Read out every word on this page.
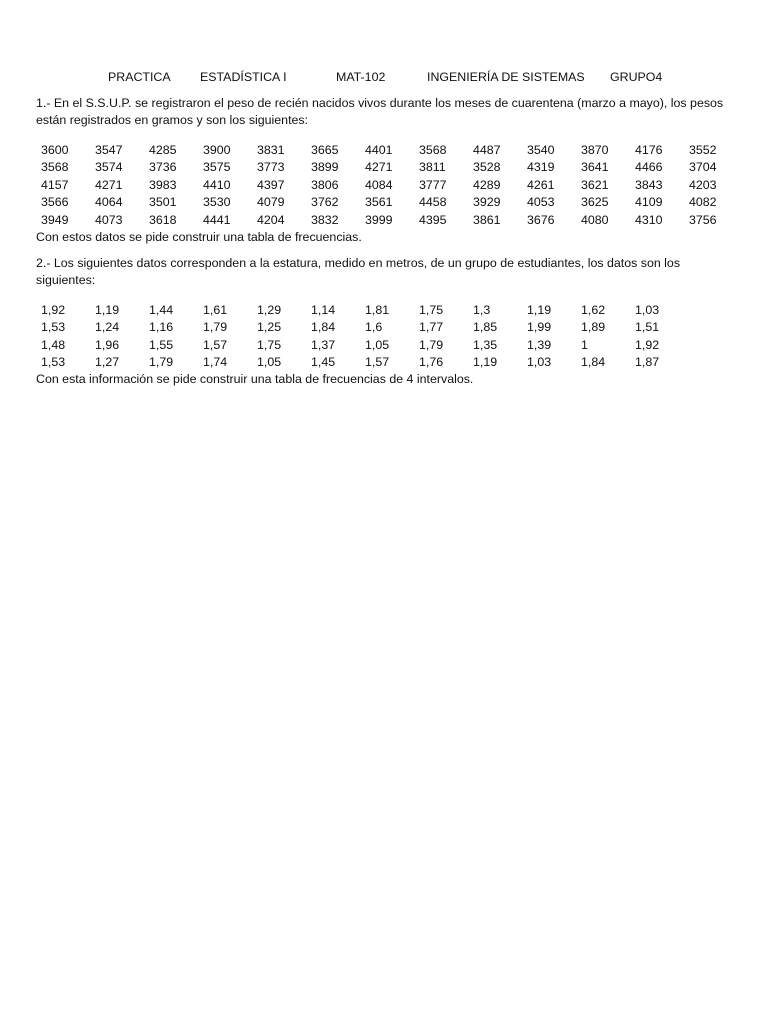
PRACTICA ESTADÍSTICA I	MAT-102	INGENIERÍA DE SISTEMAS GRUPO4

1.- En el S.S.U.P. se registraron el peso de recién nacidos vivos durante los meses de cuarentena (marzo a mayo), los pesos están registrados en gramos y son los siguientes:

3600	3547	4285	3900	3831	3665	4401	3568	4487	3540	3870	4176	3552
3568	3574	3736	3575	3773	3899	4271	3811	3528	4319	3641	4466	3704
4157	4271	3983	4410	4397	3806	4084	3777	4289	4261	3621	3843	4203
3566	4064	3501	3530	4079	3762	3561	4458	3929	4053	3625	4109	4082
3949	4073	3618	4441	4204	3832	3999	4395	3861	3676	4080	4310	3756

Con estos datos se pide construir una tabla de frecuencias.

2.- Los siguientes datos corresponden a la estatura, medido en metros, de un grupo de estudiantes, los datos son los siguientes:

1,92	1,19	1,44	1,61	1,29	1,14	1,81	1,75	1,3	1,19	1,62	1,03
1,53	1,24	1,16	1,79	1,25	1,84	1,6	1,77	1,85	1,99	1,89	1,51
1,48	1,96	1,55	1,57	1,75	1,37	1,05	1,79	1,35	1,39	1	1,92
1,53	1,27	1,79	1,74	1,05	1,45	1,57	1,76	1,19	1,03	1,84	1,87

Con esta información se pide construir una tabla de frecuencias de 4 intervalos.
